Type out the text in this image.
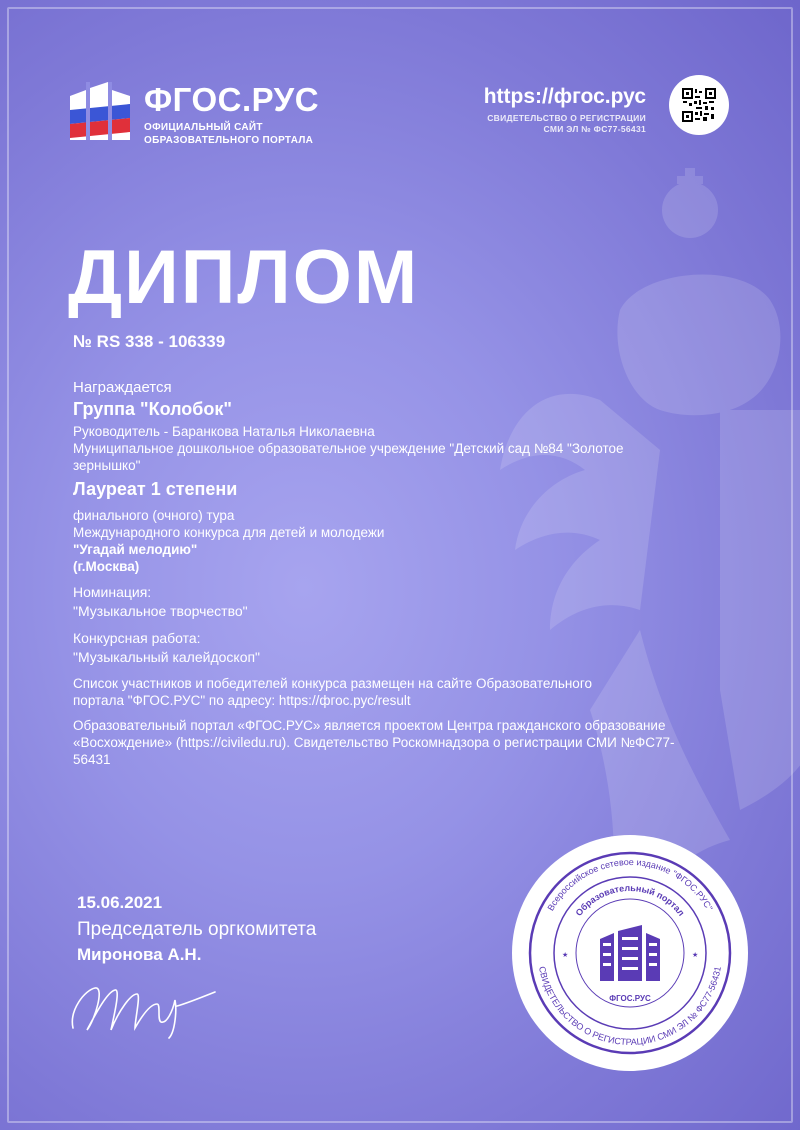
ФГОС.РУС
ОФИЦИАЛЬНЫЙ САЙТ
ОБРАЗОВАТЕЛЬНОГО ПОРТАЛА
https://фгос.рус
СВИДЕТЕЛЬСТВО О РЕГИСТРАЦИИ
СМИ ЭЛ № ФС77-56431
ДИПЛОМ
№ RS 338 - 106339
Награждается
Группа "Колобок"
Руководитель - Баранкова Наталья Николаевна
Муниципальное дошкольное образовательное учреждение "Детский сад №84 "Золотое зернышко"
Лауреат 1 степени
финального (очного) тура
Международного конкурса для детей и молодежи
"Угадай мелодию"
(г.Москва)
Номинация:
"Музыкальное творчество"
Конкурсная работа:
"Музыкальный калейдоскоп"
Список участников и победителей конкурса размещен на сайте Образовательного портала "ФГОС.РУС" по адресу: https://фгос.рус/result
Образовательный портал «ФГОС.РУС» является проектом Центра гражданского образование «Восхождение» (https://civiledu.ru). Свидетельство Роскомнадзора о регистрации СМИ №ФС77-56431
15.06.2021
Председатель оргкомитета
Миронова А.Н.
Всероссийское сетевое издание "ФГОС.РУС"
СВИДЕТЕЛЬСТВО О РЕГИСТРАЦИИ СМИ ЭЛ № ФС77-56431
Образовательный портал
ФГОС.РУС
★	★
